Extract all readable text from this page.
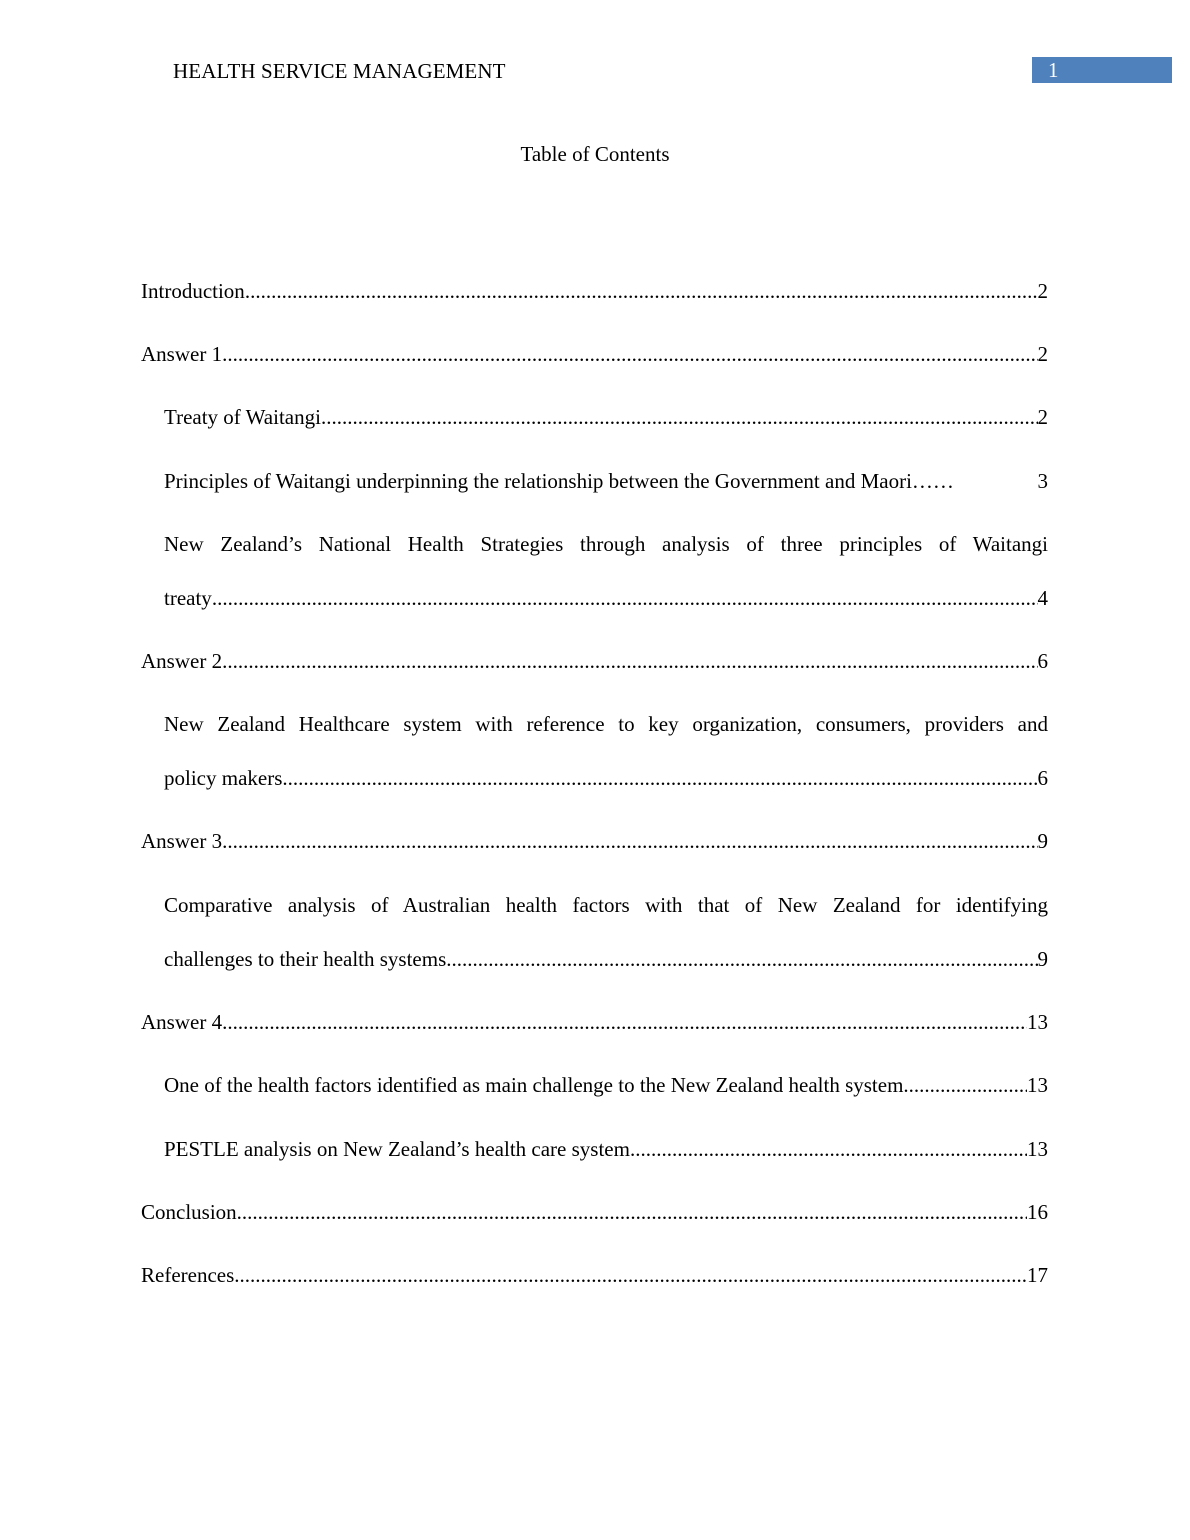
HEALTH SERVICE MANAGEMENT	1
Table of Contents
Introduction .....	2
Answer 1 .....	2
Treaty of Waitangi .....	2
Principles of Waitangi underpinning the relationship between the Government and Maori ……	3
New Zealand’s National Health Strategies through analysis of three principles of Waitangi
treaty .....	4
Answer 2 .....	6
New Zealand Healthcare system with reference to key organization, consumers, providers and
policy makers .....	6
Answer 3 .....	9
Comparative analysis of Australian health factors with that of New Zealand for identifying
challenges to their health systems .....	9
Answer 4 .....	13
One of the health factors identified as main challenge to the New Zealand health system .....	13
PESTLE analysis on New Zealand’s health care system .....	13
Conclusion .....	16
References .....	17
